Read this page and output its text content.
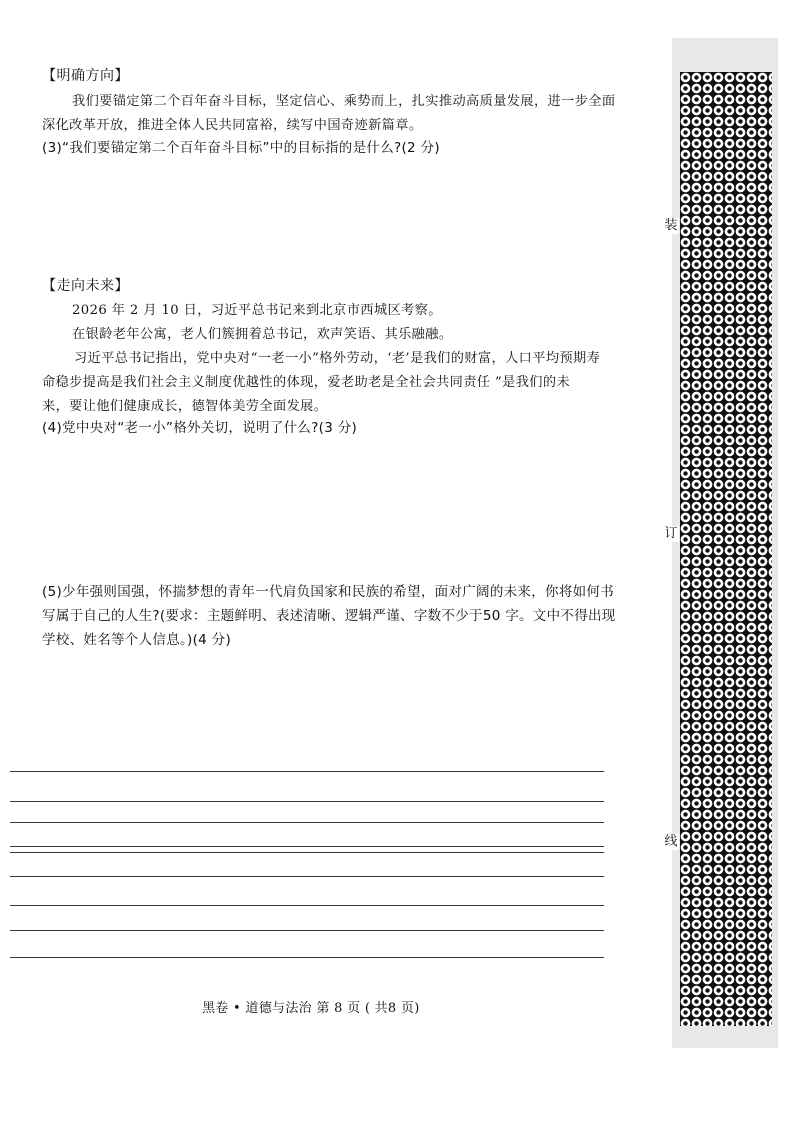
【明确方向】
我们要锚定第二个百年奋斗目标，坚定信心、乘势而上，扎实推动高质量发展，进一步全面
深化改革开放，推进全体人民共同富裕，续写中国奇迹新篇章。
(3)“我们要锚定第二个百年奋斗目标”中的目标指的是什么?(2 分)
【走向未来】
2026 年 2 月 10 日，习近平总书记来到北京市西城区考察。
在银龄老年公寓，老人们簇拥着总书记，欢声笑语、其乐融融。
习近平总书记指出，党中央对“一老一小”格外劳动，‘老’是我们的财富，人口平均预期寿
命稳步提高是我们社会主义制度优越性的体现，爱老助老是全社会共同责任 ”是我们的未
来，要让他们健康成长，德智体美劳全面发展。
(4)党中央对“老一小”格外关切，说明了什么?(3 分)
(5)少年强则国强，怀揣梦想的青年一代肩负国家和民族的希望，面对广阔的未来，你将如何书
写属于自己的人生?(要求：主题鲜明、表述清晰、逻辑严谨、字数不少于50 字。文中不得出现
学校、姓名等个人信息。)(4 分)
黑卷 • 道德与法治 第 8 页 ( 共8 页)
装
订
线
